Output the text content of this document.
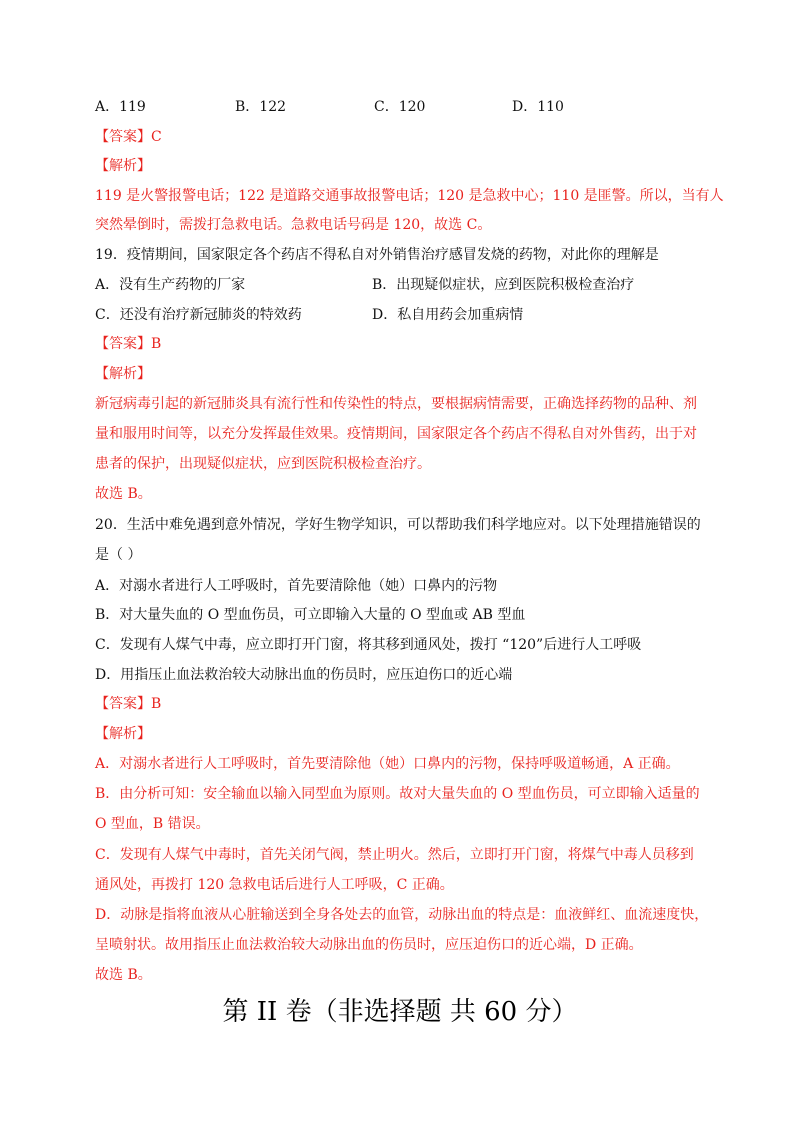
A．119	B．122	C．120	D．110
【答案】C
【解析】
119 是火警报警电话；122 是道路交通事故报警电话；120 是急救中心；110 是匪警。所以，当有人
突然晕倒时，需拨打急救电话。急救电话号码是 120，故选 C。
19．疫情期间，国家限定各个药店不得私自对外销售治疗感冒发烧的药物，对此你的理解是
A．没有生产药物的厂家	B．出现疑似症状，应到医院积极检查治疗
C．还没有治疗新冠肺炎的特效药	D．私自用药会加重病情
【答案】B
【解析】
新冠病毒引起的新冠肺炎具有流行性和传染性的特点，要根据病情需要，正确选择药物的品种、剂
量和服用时间等，以充分发挥最佳效果。疫情期间，国家限定各个药店不得私自对外售药，出于对
患者的保护，出现疑似症状，应到医院积极检查治疗。
故选 B。
20．生活中难免遇到意外情况，学好生物学知识，可以帮助我们科学地应对。以下处理措施错误的
是（ ）
A．对溺水者进行人工呼吸时，首先要清除他（她）口鼻内的污物
B．对大量失血的 O 型血伤员，可立即输入大量的 O 型血或 AB 型血
C．发现有人煤气中毒，应立即打开门窗，将其移到通风处，拨打 “120”后进行人工呼吸
D．用指压止血法救治较大动脉出血的伤员时，应压迫伤口的近心端
【答案】B
【解析】
A．对溺水者进行人工呼吸时，首先要清除他（她）口鼻内的污物，保持呼吸道畅通，A 正确。
B．由分析可知：安全输血以输入同型血为原则。故对大量失血的 O 型血伤员，可立即输入适量的
O 型血，B 错误。
C．发现有人煤气中毒时，首先关闭气阀，禁止明火。然后，立即打开门窗，将煤气中毒人员移到
通风处，再拨打 120 急救电话后进行人工呼吸，C 正确。
D．动脉是指将血液从心脏输送到全身各处去的血管，动脉出血的特点是：血液鲜红、血流速度快，
呈喷射状。故用指压止血法救治较大动脉出血的伤员时，应压迫伤口的近心端，D 正确。
故选 B。
第 II 卷（非选择题 共 60 分）
